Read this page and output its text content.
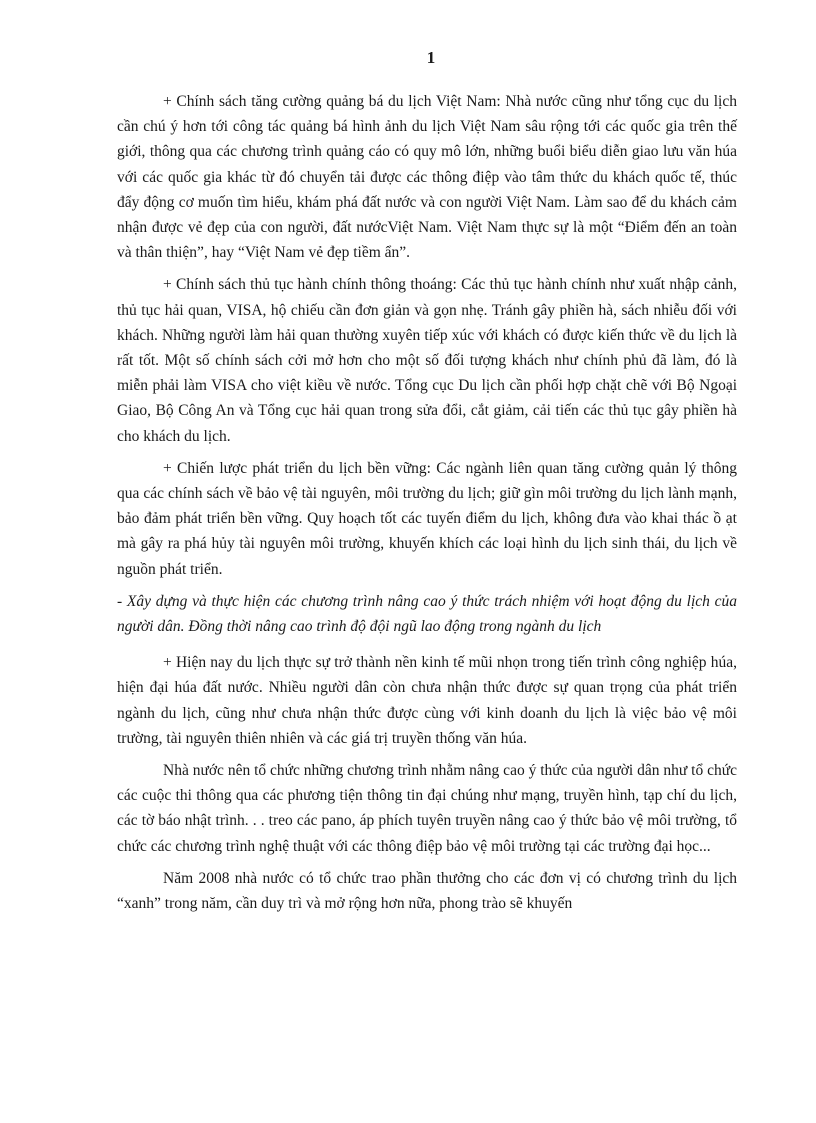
1

+ Chính sách tăng cường quảng bá du lịch Việt Nam: Nhà nước cũng như tổng cục du lịch cần chú ý hơn tới công tác quảng bá hình ảnh du lịch Việt Nam sâu rộng tới các quốc gia trên thế giới, thông qua các chương trình quảng cáo có quy mô lớn, những buổi biểu diễn giao lưu văn húa với các quốc gia khác từ đó chuyển tải được các thông điệp vào tâm thức du khách quốc tế, thúc đẩy động cơ muốn tìm hiểu, khám phá đất nước và con người Việt Nam. Làm sao để du khách cảm nhận được vẻ đẹp của con người, đất nướcViệt Nam. Việt Nam thực sự là một “Điểm đến an toàn và thân thiện”, hay “Việt Nam vẻ đẹp tiềm ẩn”.

+ Chính sách thủ tục hành chính thông thoáng: Các thủ tục hành chính như xuất nhập cảnh, thủ tục hải quan, VISA, hộ chiếu cần đơn giản và gọn nhẹ. Tránh gây phiền hà, sách nhiễu đối với khách. Những người làm hải quan thường xuyên tiếp xúc với khách có được kiến thức về du lịch là rất tốt. Một số chính sách cởi mở hơn cho một số đối tượng khách như chính phủ đã làm, đó là miễn phải làm VISA cho việt kiều về nước. Tổng cục Du lịch cần phối hợp chặt chẽ với Bộ Ngoại Giao, Bộ Công An và Tổng cục hải quan trong sửa đổi, cắt giảm, cải tiến các thủ tục gây phiền hà cho khách du lịch.

+ Chiến lược phát triển du lịch bền vững: Các ngành liên quan tăng cường quản lý thông qua các chính sách về bảo vệ tài nguyên, môi trường du lịch; giữ gìn môi trường du lịch lành mạnh, bảo đảm phát triển bền vững. Quy hoạch tốt các tuyến điểm du lịch, không đưa vào khai thác ồ ạt mà gây ra phá hủy tài nguyên môi trường, khuyến khích các loại hình du lịch sinh thái, du lịch về nguồn phát triển.

- Xây dựng và thực hiện các chương trình nâng cao ý thức trách nhiệm với hoạt động du lịch của người dân. Đồng thời nâng cao trình độ đội ngũ lao động trong ngành du lịch

+ Hiện nay du lịch thực sự trở thành nền kinh tế mũi nhọn trong tiến trình công nghiệp húa, hiện đại húa đất nước. Nhiều người dân còn chưa nhận thức được sự quan trọng của phát triển ngành du lịch, cũng như chưa nhận thức được cùng với kinh doanh du lịch là việc bảo vệ môi trường, tài nguyên thiên nhiên và các giá trị truyền thống văn húa.

Nhà nước nên tổ chức những chương trình nhằm nâng cao ý thức của người dân như tổ chức các cuộc thi thông qua các phương tiện thông tin đại chúng như mạng, truyền hình, tạp chí du lịch, các tờ báo nhật trình. . . treo các pano, áp phích tuyên truyền nâng cao ý thức bảo vệ môi trường, tổ chức các chương trình nghệ thuật với các thông điệp bảo vệ môi trường tại các trường đại học...

Năm 2008 nhà nước có tổ chức trao phần thưởng cho các đơn vị có chương trình du lịch “xanh” trong năm, cần duy trì và mở rộng hơn nữa, phong trào sẽ khuyến
